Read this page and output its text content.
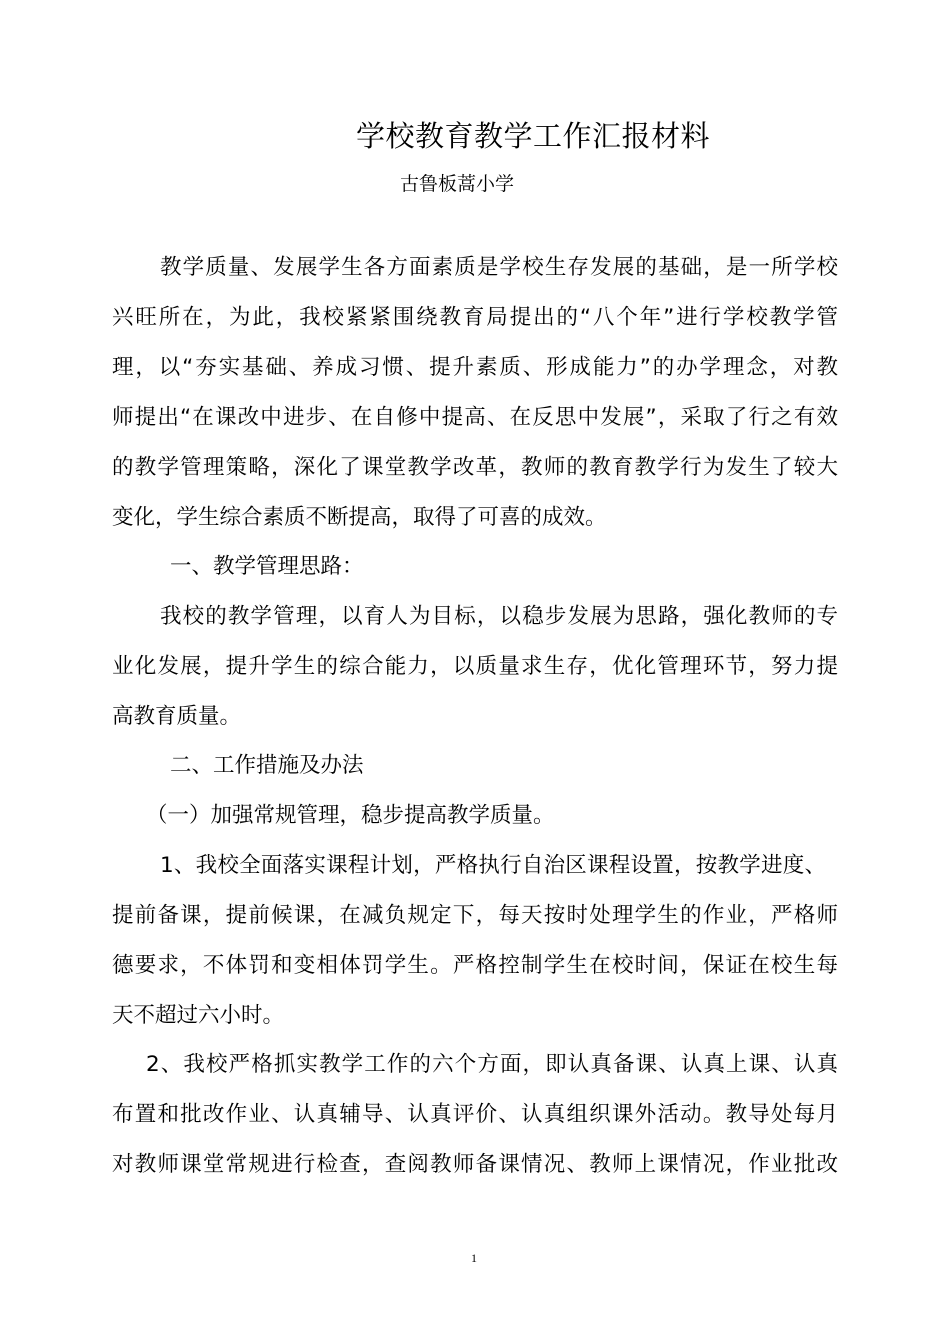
学校教育教学工作汇报材料
古鲁板蒿小学
教学质量、发展学生各方面素质是学校生存发展的基础，是一所学校
兴旺所在，为此，我校紧紧围绕教育局提出的“八个年”进行学校教学管
理，以“夯实基础、养成习惯、提升素质、形成能力”的办学理念，对教
师提出“在课改中进步、在自修中提高、在反思中发展”，采取了行之有效
的教学管理策略，深化了课堂教学改革，教师的教育教学行为发生了较大
变化，学生综合素质不断提高，取得了可喜的成效。
一、教学管理思路：
我校的教学管理，以育人为目标，以稳步发展为思路，强化教师的专
业化发展，提升学生的综合能力，以质量求生存，优化管理环节，努力提
高教育质量。
二、工作措施及办法
（一）加强常规管理，稳步提高教学质量。
1、我校全面落实课程计划，严格执行自治区课程设置，按教学进度、
提前备课，提前候课，在减负规定下，每天按时处理学生的作业，严格师
德要求，不体罚和变相体罚学生。严格控制学生在校时间，保证在校生每
天不超过六小时。
2、我校严格抓实教学工作的六个方面，即认真备课、认真上课、认真
布置和批改作业、认真辅导、认真评价、认真组织课外活动。教导处每月
对教师课堂常规进行检查，查阅教师备课情况、教师上课情况，作业批改
1
